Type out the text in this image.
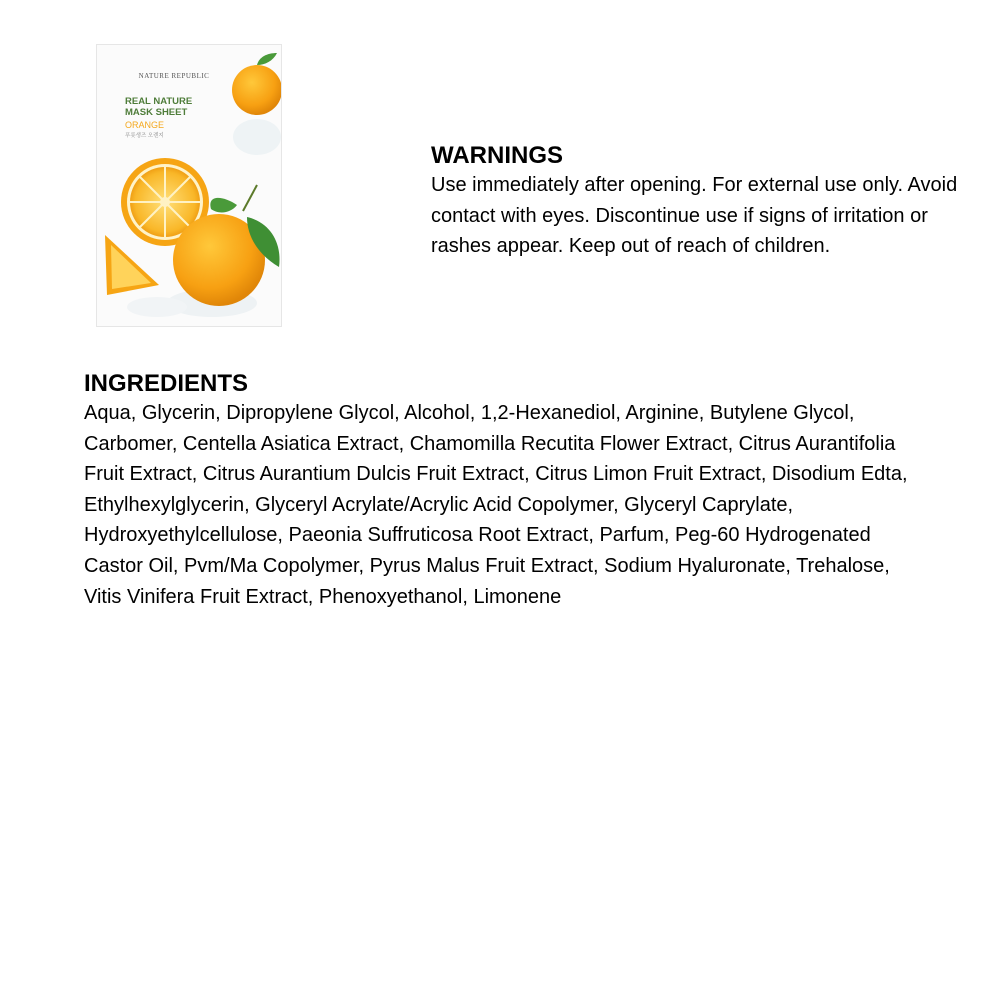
NATURE REPUBLIC
REAL NATURE
MASK SHEET
ORANGE
푸릇생즈 오렌지
WARNINGS

Use immediately after opening. For external use only. Avoid contact with eyes. Discontinue use if signs of irritation or rashes appear. Keep out of reach of children.

INGREDIENTS

Aqua, Glycerin, Dipropylene Glycol, Alcohol, 1,2-Hexanediol, Arginine, Butylene Glycol, Carbomer, Centella Asiatica Extract, Chamomilla Recutita Flower Extract, Citrus Aurantifolia Fruit Extract, Citrus Aurantium Dulcis Fruit Extract, Citrus Limon Fruit Extract, Disodium Edta, Ethylhexylglycerin, Glyceryl Acrylate/Acrylic Acid Copolymer, Glyceryl Caprylate, Hydroxyethylcellulose, Paeonia Suffruticosa Root Extract, Parfum, Peg-60 Hydrogenated Castor Oil, Pvm/Ma Copolymer, Pyrus Malus Fruit Extract, Sodium Hyaluronate, Trehalose, Vitis Vinifera Fruit Extract, Phenoxyethanol, Limonene
